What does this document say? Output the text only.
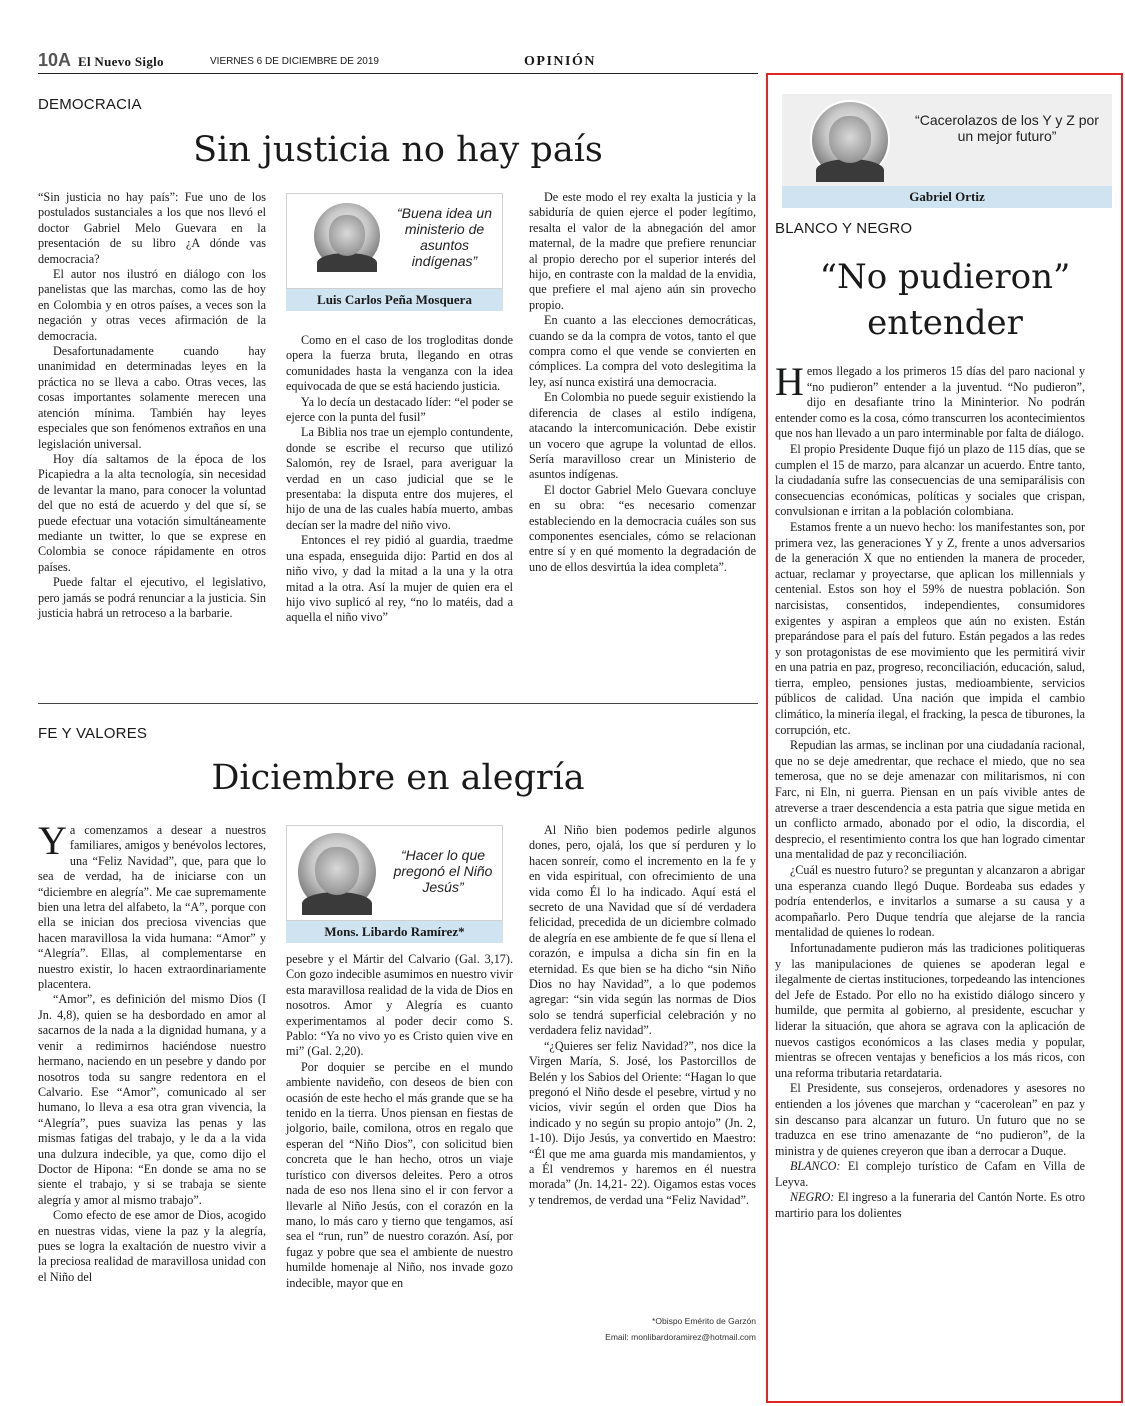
10A El Nuevo Siglo	VIERNES 6 DE DICIEMBRE DE 2019	OPINIÓN
DEMOCRACIA
Sin justicia no hay país

“Sin justicia no hay país”: Fue uno de los postulados sustanciales a los que nos llevó el doctor Gabriel Melo Guevara en la presentación de su libro ¿A dónde vas democracia?

El autor nos ilustró en diálogo con los panelistas que las marchas, como las de hoy en Colombia y en otros países, a veces son la negación y otras veces afirmación de la democracia.

Desafortunadamente cuando hay unanimidad en determinadas leyes en la práctica no se lleva a cabo. Otras veces, las cosas importantes solamente merecen una atención mínima. También hay leyes especiales que son fenómenos extraños en una legislación universal.

Hoy día saltamos de la época de los Picapiedra a la alta tecnología, sin necesidad de levantar la mano, para conocer la voluntad del que no está de acuerdo y del que sí, se puede efectuar una votación simultáneamente mediante un twitter, lo que se exprese en Colombia se conoce rápidamente en otros países.

Puede faltar el ejecutivo, el legislativo, pero jamás se podrá renunciar a la justicia. Sin justicia habrá un retroceso a la barbarie.

“Buena idea un ministerio de asuntos indígenas”
Luis Carlos Peña Mosquera

Como en el caso de los trogloditas donde opera la fuerza bruta, llegando en otras comunidades hasta la venganza con la idea equivocada de que se está haciendo justicia.

Ya lo decía un destacado líder: “el poder se ejerce con la punta del fusil”

La Biblia nos trae un ejemplo contundente, donde se escribe el recurso que utilizó Salomón, rey de Israel, para averiguar la verdad en un caso judicial que se le presentaba: la disputa entre dos mujeres, el hijo de una de las cuales había muerto, ambas decían ser la madre del niño vivo.

Entonces el rey pidió al guardia, traedme una espada, enseguida dijo: Partid en dos al niño vivo, y dad la mitad a la una y la otra mitad a la otra. Así la mujer de quien era el hijo vivo suplicó al rey, “no lo matéis, dad a aquella el niño vivo”

De este modo el rey exalta la justicia y la sabiduría de quien ejerce el poder legítimo, resalta el valor de la abnegación del amor maternal, de la madre que prefiere renunciar al propio derecho por el superior interés del hijo, en contraste con la maldad de la envidia, que prefiere el mal ajeno aún sin provecho propio.

En cuanto a las elecciones democráticas, cuando se da la compra de votos, tanto el que compra como el que vende se convierten en cómplices. La compra del voto deslegitima la ley, así nunca existirá una democracia.

En Colombia no puede seguir existiendo la diferencia de clases al estilo indígena, atacando la intercomunicación. Debe existir un vocero que agrupe la voluntad de ellos. Sería maravilloso crear un Ministerio de asuntos indígenas.

El doctor Gabriel Melo Guevara concluye en su obra: “es necesario comenzar estableciendo en la democracia cuáles son sus componentes esenciales, cómo se relacionan entre sí y en qué momento la degradación de uno de ellos desvirtúa la idea completa”.

FE Y VALORES
Diciembre en alegría

Ya comenzamos a desear a nuestros familiares, amigos y benévolos lectores, una “Feliz Navidad”, que, para que lo sea de verdad, ha de iniciarse con un “diciembre en alegría”. Me cae supremamente bien una letra del alfabeto, la “A”, porque con ella se inician dos preciosa vivencias que hacen maravillosa la vida humana: “Amor” y “Alegría”. Ellas, al complementarse en nuestro existir, lo hacen extraordinariamente placentera.

“Amor”, es definición del mismo Dios (I Jn. 4,8), quien se ha desbordado en amor al sacarnos de la nada a la dignidad humana, y a venir a redimirnos haciéndose nuestro hermano, naciendo en un pesebre y dando por nosotros toda su sangre redentora en el Calvario. Ese “Amor”, comunicado al ser humano, lo lleva a esa otra gran vivencia, la “Alegría”, pues suaviza las penas y las mismas fatigas del trabajo, y le da a la vida una dulzura indecible, ya que, como dijo el Doctor de Hipona: “En donde se ama no se siente el trabajo, y si se trabaja se siente alegría y amor al mismo trabajo”.

Como efecto de ese amor de Dios, acogido en nuestras vidas, viene la paz y la alegría, pues se logra la exaltación de nuestro vivir a la preciosa realidad de maravillosa unidad con el Niño del

“Hacer lo que pregonó el Niño Jesús”
Mons. Libardo Ramírez*

pesebre y el Mártir del Calvario (Gal. 3,17). Con gozo indecible asumimos en nuestro vivir esta maravillosa realidad de la vida de Dios en nosotros. Amor y Alegría es cuanto experimentamos al poder decir como S. Pablo: “Ya no vivo yo es Cristo quien vive en mi” (Gal. 2,20).

Por doquier se percibe en el mundo ambiente navideño, con deseos de bien con ocasión de este hecho el más grande que se ha tenido en la tierra. Unos piensan en fiestas de jolgorio, baile, comilona, otros en regalo que esperan del “Niño Dios”, con solicitud bien concreta que le han hecho, otros un viaje turístico con diversos deleites. Pero a otros nada de eso nos llena sino el ir con fervor a llevarle al Niño Jesús, con el corazón en la mano, lo más caro y tierno que tengamos, así sea el “run, run” de nuestro corazón. Así, por fugaz y pobre que sea el ambiente de nuestro humilde homenaje al Niño, nos invade gozo indecible, mayor que en

Al Niño bien podemos pedirle algunos dones, pero, ojalá, los que sí perduren y lo hacen sonreír, como el incremento en la fe y en vida espiritual, con ofrecimiento de una vida como Él lo ha indicado. Aquí está el secreto de una Navidad que sí dé verdadera felicidad, precedida de un diciembre colmado de alegría en ese ambiente de fe que sí llena el corazón, e impulsa a dicha sin fin en la eternidad. Es que bien se ha dicho “sin Niño Dios no hay Navidad”, a lo que podemos agregar: “sin vida según las normas de Dios solo se tendrá superficial celebración y no verdadera feliz navidad”.

“¿Quieres ser feliz Navidad?”, nos dice la Virgen María, S. José, los Pastorcillos de Belén y los Sabios del Oriente: “Hagan lo que pregonó el Niño desde el pesebre, virtud y no vicios, vivir según el orden que Dios ha indicado y no según su propio antojo” (Jn. 2, 1-10). Dijo Jesús, ya convertido en Maestro: “Él que me ama guarda mis mandamientos, y a Él vendremos y haremos en él nuestra morada” (Jn. 14,21- 22). Oigamos estas voces y tendremos, de verdad una “Feliz Navidad”.

*Obispo Emérito de Garzón
Email: monlibardoramirez@hotmail.com
“Cacerolazos de los Y y Z por un mejor futuro”
Gabriel Ortiz
BLANCO Y NEGRO
“No pudieron”
entender

Hemos llegado a los primeros 15 días del paro nacional y “no pudieron” entender a la juventud. “No pudieron”, dijo en desafiante trino la Mininterior. No podrán entender como es la cosa, cómo transcurren los acontecimientos que nos han llevado a un paro interminable por falta de diálogo.

El propio Presidente Duque fijó un plazo de 115 días, que se cumplen el 15 de marzo, para alcanzar un acuerdo. Entre tanto, la ciudadanía sufre las consecuencias de una semiparálisis con consecuencias económicas, políticas y sociales que crispan, convulsionan e irritan a la población colombiana.

Estamos frente a un nuevo hecho: los manifestantes son, por primera vez, las generaciones Y y Z, frente a unos adversarios de la generación X que no entienden la manera de proceder, actuar, reclamar y proyectarse, que aplican los millennials y centenial. Estos son hoy el 59% de nuestra población. Son narcisistas, consentidos, independientes, consumidores exigentes y aspiran a empleos que aún no existen. Están preparándose para el país del futuro. Están pegados a las redes y son protagonistas de ese movimiento que les permitirá vivir en una patria en paz, progreso, reconciliación, educación, salud, tierra, empleo, pensiones justas, medioambiente, servicios públicos de calidad. Una nación que impida el cambio climático, la minería ilegal, el fracking, la pesca de tiburones, la corrupción, etc.

Repudian las armas, se inclinan por una ciudadanía racional, que no se deje amedrentar, que rechace el miedo, que no sea temerosa, que no se deje amenazar con militarismos, ni con Farc, ni Eln, ni guerra. Piensan en un país vivible antes de atreverse a traer descendencia a esta patria que sigue metida en un conflicto armado, abonado por el odio, la discordia, el desprecio, el resentimiento contra los que han logrado cimentar una mentalidad de paz y reconciliación.

¿Cuál es nuestro futuro? se preguntan y alcanzaron a abrigar una esperanza cuando llegó Duque. Bordeaba sus edades y podría entenderlos, e invitarlos a sumarse a su causa y a acompañarlo. Pero Duque tendría que alejarse de la rancia mentalidad de quienes lo rodean.

Infortunadamente pudieron más las tradiciones politiqueras y las manipulaciones de quienes se apoderan legal e ilegalmente de ciertas instituciones, torpedeando las intenciones del Jefe de Estado. Por ello no ha existido diálogo sincero y humilde, que permita al gobierno, al presidente, escuchar y liderar la situación, que ahora se agrava con la aplicación de nuevos castigos económicos a las clases media y popular, mientras se ofrecen ventajas y beneficios a los más ricos, con una reforma tributaria retardataria.

El Presidente, sus consejeros, ordenadores y asesores no entienden a los jóvenes que marchan y “cacerolean” en paz y sin descanso para alcanzar un futuro. Un futuro que no se traduzca en ese trino amenazante de “no pudieron”, de la ministra y de quienes creyeron que iban a derrocar a Duque.

BLANCO: El complejo turístico de Cafam en Villa de Leyva.

NEGRO: El ingreso a la funeraria del Cantón Norte. Es otro martirio para los dolientes
